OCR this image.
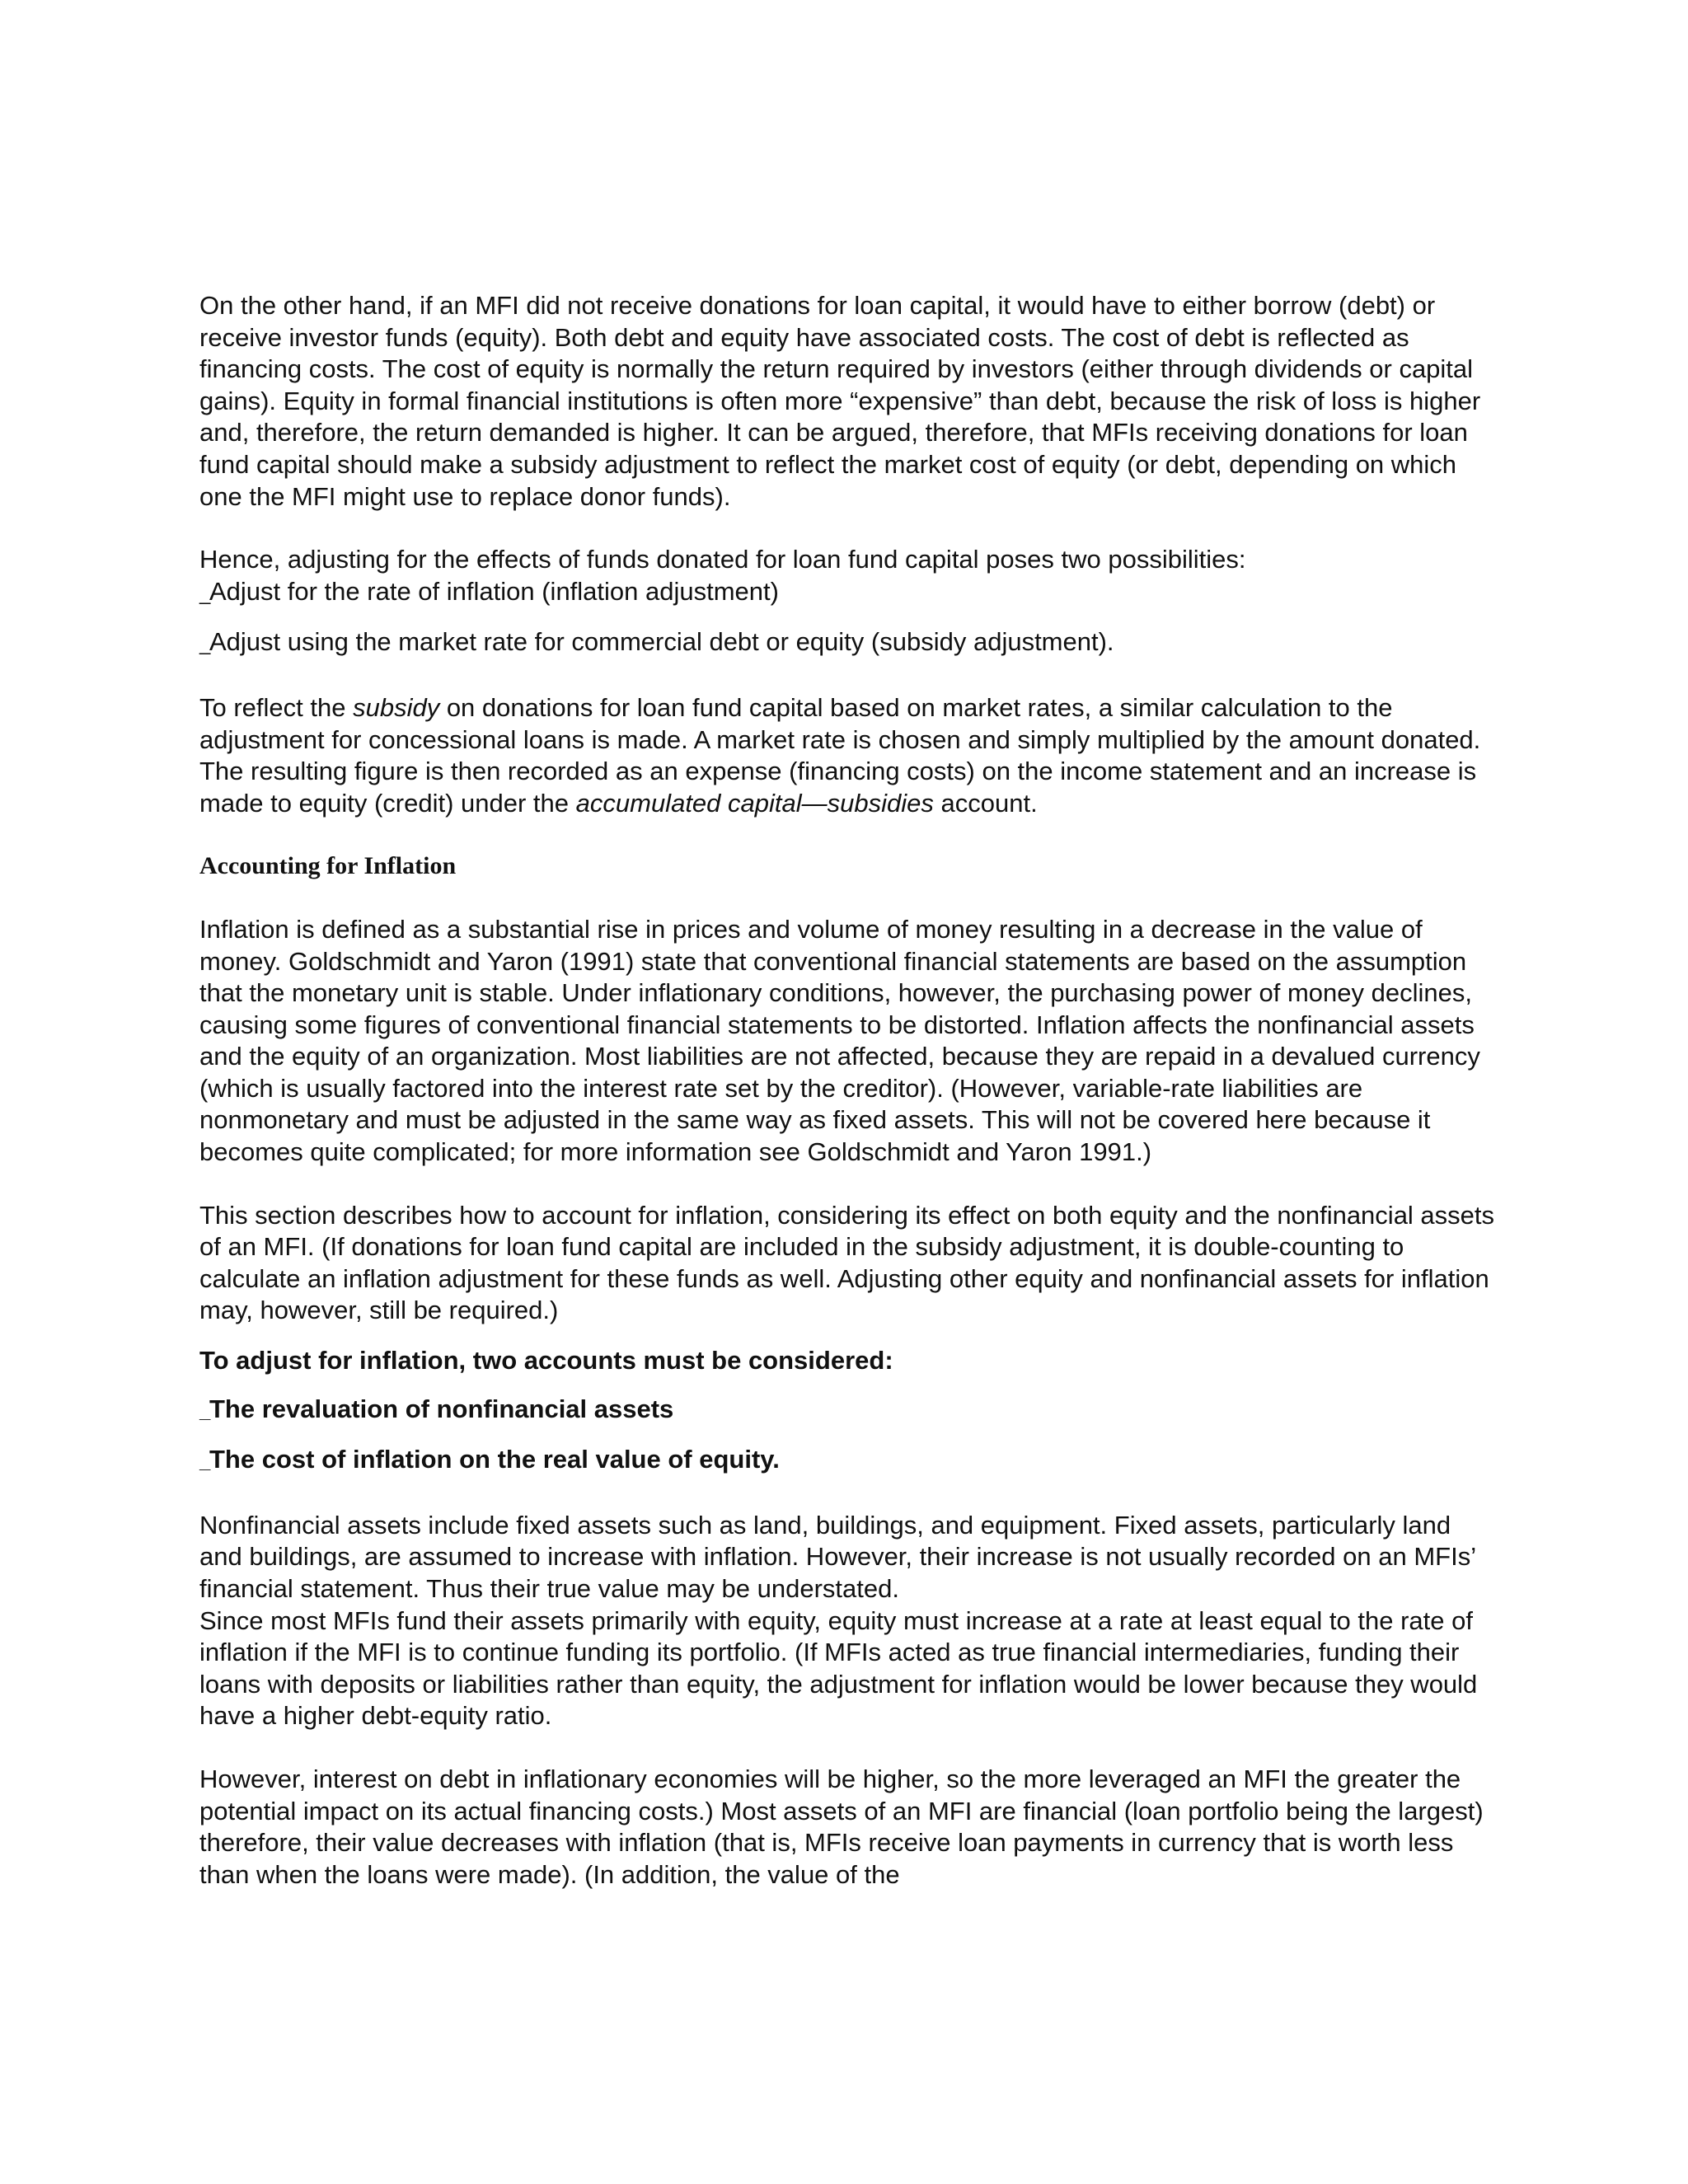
On the other hand, if an MFI did not receive donations for loan capital, it would have to either borrow (debt) or receive investor funds (equity). Both debt and equity have associated costs. The cost of debt is reflected as financing costs. The cost of equity is normally the return required by investors (either through dividends or capital gains). Equity in formal financial institutions is often more “expensive” than debt, because the risk of loss is higher and, therefore, the return demanded is higher. It can be argued, therefore, that MFIs receiving donations for loan fund capital should make a subsidy adjustment to reflect the market cost of equity (or debt, depending on which one the MFI might use to replace donor funds).

Hence, adjusting for the effects of funds donated for loan fund capital poses two possibilities:

_Adjust for the rate of inflation (inflation adjustment)

_Adjust using the market rate for commercial debt or equity (subsidy adjustment).

To reflect the subsidy on donations for loan fund capital based on market rates, a similar calculation to the adjustment for concessional loans is made. A market rate is chosen and simply multiplied by the amount donated. The resulting figure is then recorded as an expense (financing costs) on the income statement and an increase is made to equity (credit) under the accumulated capital—subsidies account.

Accounting for Inflation

Inflation is defined as a substantial rise in prices and volume of money resulting in a decrease in the value of money. Goldschmidt and Yaron (1991) state that conventional financial statements are based on the assumption that the monetary unit is stable. Under inflationary conditions, however, the purchasing power of money declines, causing some figures of conventional financial statements to be distorted. Inflation affects the nonfinancial assets and the equity of an organization. Most liabilities are not affected, because they are repaid in a devalued currency (which is usually factored into the interest rate set by the creditor). (However, variable-rate liabilities are nonmonetary and must be adjusted in the same way as fixed assets. This will not be covered here because it becomes quite complicated; for more information see Goldschmidt and Yaron 1991.)

This section describes how to account for inflation, considering its effect on both equity and the nonfinancial assets of an MFI. (If donations for loan fund capital are included in the subsidy adjustment, it is double-counting to calculate an inflation adjustment for these funds as well. Adjusting other equity and nonfinancial assets for inflation may, however, still be required.)

To adjust for inflation, two accounts must be considered:

_The revaluation of nonfinancial assets

_The cost of inflation on the real value of equity.

Nonfinancial assets include fixed assets such as land, buildings, and equipment. Fixed assets, particularly land and buildings, are assumed to increase with inflation. However, their increase is not usually recorded on an MFIs’ financial statement. Thus their true value may be understated.

Since most MFIs fund their assets primarily with equity, equity must increase at a rate at least equal to the rate of inflation if the MFI is to continue funding its portfolio. (If MFIs acted as true financial intermediaries, funding their loans with deposits or liabilities rather than equity, the adjustment for inflation would be lower because they would have a higher debt-equity ratio.

However, interest on debt in inflationary economies will be higher, so the more leveraged an MFI the greater the potential impact on its actual financing costs.) Most assets of an MFI are financial (loan portfolio being the largest) therefore, their value decreases with inflation (that is, MFIs receive loan payments in currency that is worth less than when the loans were made). (In addition, the value of the
